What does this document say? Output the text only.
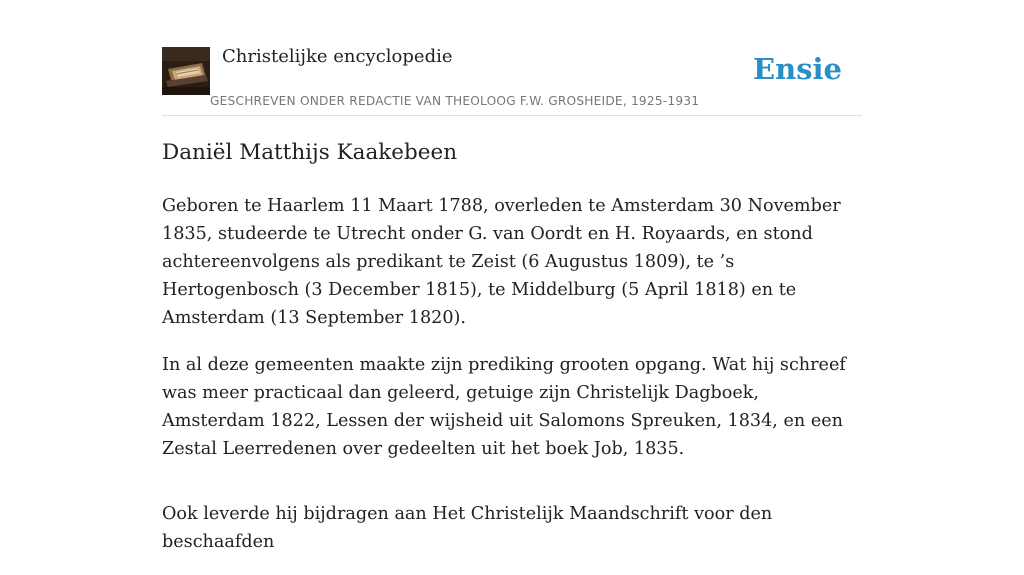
Christelijke encyclopedie
GESCHREVEN ONDER REDACTIE VAN THEOLOOG F.W. GROSHEIDE, 1925-1931
Ensie
Daniël Matthijs Kaakebeen

Geboren te Haarlem 11 Maart 1788, overleden te Amsterdam 30 November 1835, studeerde te Utrecht onder G. van Oordt en H. Royaards, en stond achtereenvolgens als predikant te Zeist (6 Augustus 1809), te ’s Hertogenbosch (3 December 1815), te Middelburg (5 April 1818) en te Amsterdam (13 September 1820).

In al deze gemeenten maakte zijn prediking grooten opgang. Wat hij schreef was meer practicaal dan geleerd, getuige zijn Christelijk Dagboek, Amsterdam 1822, Lessen der wijsheid uit Salomons Spreuken, 1834, en een Zestal Leerredenen over gedeelten uit het boek Job, 1835.

Ook leverde hij bijdragen aan Het Christelijk Maandschrift voor den beschaafden
